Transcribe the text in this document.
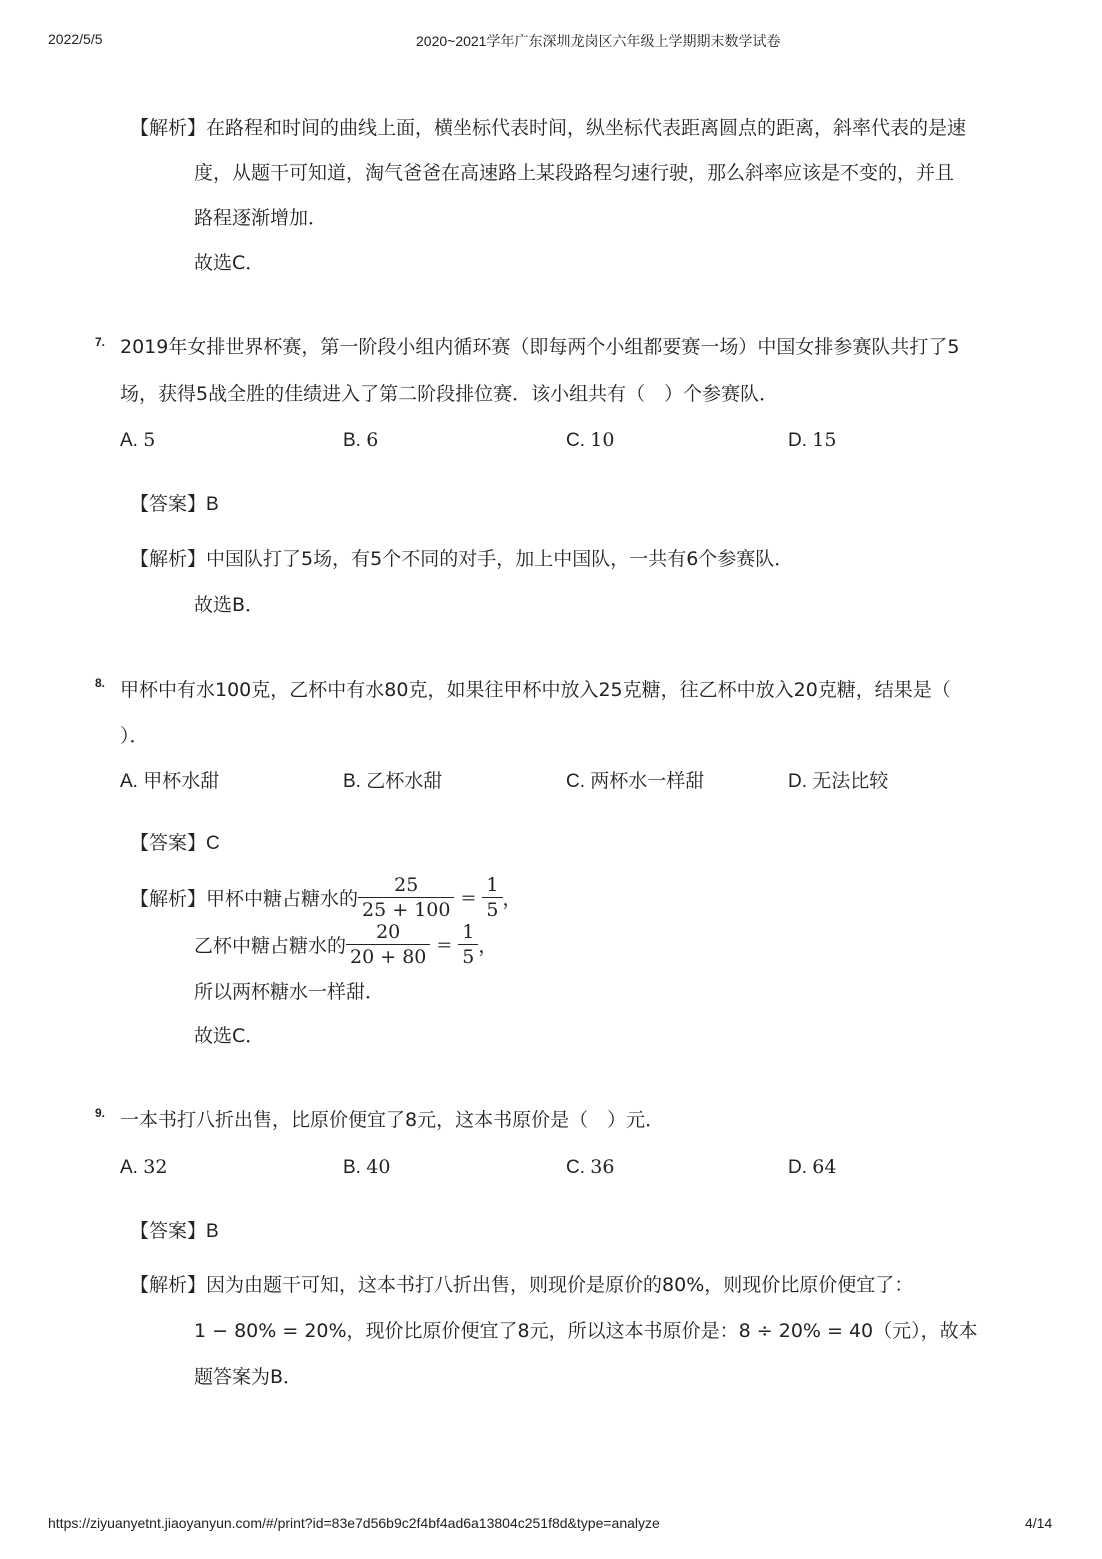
2022/5/5	2020~2021学年广东深圳龙岗区六年级上学期期末数学试卷
【解析】在路程和时间的曲线上面，横坐标代表时间，纵坐标代表距离圆点的距离，斜率代表的是速
度，从题干可知道，淘气爸爸在高速路上某段路程匀速行驶，那么斜率应该是不变的，并且
路程逐渐增加．
故选C．
7. 2019年女排世界杯赛，第一阶段小组内循环赛（即每两个小组都要赛一场）中国女排参赛队共打了5
场，获得5战全胜的佳绩进入了第二阶段排位赛．该小组共有（　）个参赛队．
A. 5	B. 6	C. 10	D. 15
【答案】B
【解析】中国队打了5场，有5个不同的对手，加上中国队，一共有6个参赛队．
故选B．
8. 甲杯中有水100克，乙杯中有水80克，如果往甲杯中放入25克糖，往乙杯中放入20克糖，结果是（
）．
A. 甲杯水甜	B. 乙杯水甜	C. 两杯水一样甜	D. 无法比较
【答案】C
【解析】甲杯中糖占糖水的 $\frac{25}{25 + 100} = \frac{1}{5}$ ，
乙杯中糖占糖水的 $\frac{20}{20 + 80} = \frac{1}{5}$ ，
所以两杯糖水一样甜．
故选C．
9. 一本书打八折出售，比原价便宜了8元，这本书原价是（　）元．
A. 32	B. 40	C. 36	D. 64
【答案】B
【解析】因为由题干可知，这本书打八折出售，则现价是原价的80%，则现价比原价便宜了：
1 − 80% = 20%，现价比原价便宜了8元，所以这本书原价是：8 ÷ 20% = 40（元），故本
题答案为B．
https://ziyuanyetnt.jiaoyanyun.com/#/print?id=83e7d56b9c2f4bf4ad6a13804c251f8d&type=analyze	4/14
